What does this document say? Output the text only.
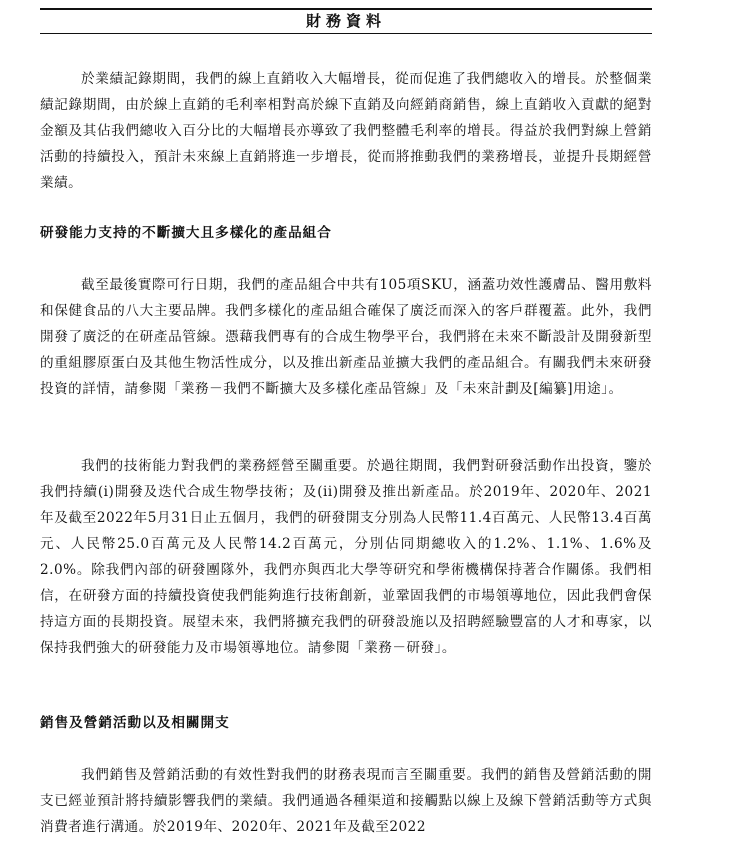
財務資料

於業績記錄期間，我們的線上直銷收入大幅增長，從而促進了我們總收入的增長。於整個業績記錄期間，由於線上直銷的毛利率相對高於線下直銷及向經銷商銷售，線上直銷收入貢獻的絕對金額及其佔我們總收入百分比的大幅增長亦導致了我們整體毛利率的增長。得益於我們對線上營銷活動的持續投入，預計未來線上直銷將進一步增長，從而將推動我們的業務增長，並提升長期經營業績。

研發能力支持的不斷擴大且多樣化的產品組合

截至最後實際可行日期，我們的產品組合中共有105項SKU，涵蓋功效性護膚品、醫用敷料和保健食品的八大主要品牌。我們多樣化的產品組合確保了廣泛而深入的客戶群覆蓋。此外，我們開發了廣泛的在研產品管線。憑藉我們專有的合成生物學平台，我們將在未來不斷設計及開發新型的重組膠原蛋白及其他生物活性成分，以及推出新產品並擴大我們的產品組合。有關我們未來研發投資的詳情，請參閱「業務－我們不斷擴大及多樣化產品管線」及「未來計劃及[編纂]用途」。

我們的技術能力對我們的業務經營至關重要。於過往期間，我們對研發活動作出投資，鑒於我們持續(i)開發及迭代合成生物學技術；及(ii)開發及推出新產品。於2019年、2020年、2021年及截至2022年5月31日止五個月，我們的研發開支分別為人民幣11.4百萬元、人民幣13.4百萬元、人民幣25.0百萬元及人民幣14.2百萬元，分別佔同期總收入的1.2%、1.1%、1.6%及2.0%。除我們內部的研發團隊外，我們亦與西北大學等研究和學術機構保持著合作關係。我們相信，在研發方面的持續投資使我們能夠進行技術創新，並鞏固我們的市場領導地位，因此我們會保持這方面的長期投資。展望未來，我們將擴充我們的研發設施以及招聘經驗豐富的人才和專家，以保持我們強大的研發能力及市場領導地位。請參閱「業務－研發」。

銷售及營銷活動以及相關開支

我們銷售及營銷活動的有效性對我們的財務表現而言至關重要。我們的銷售及營銷活動的開支已經並預計將持續影響我們的業績。我們通過各種渠道和接觸點以線上及線下營銷活動等方式與消費者進行溝通。於2019年、2020年、2021年及截至2022
